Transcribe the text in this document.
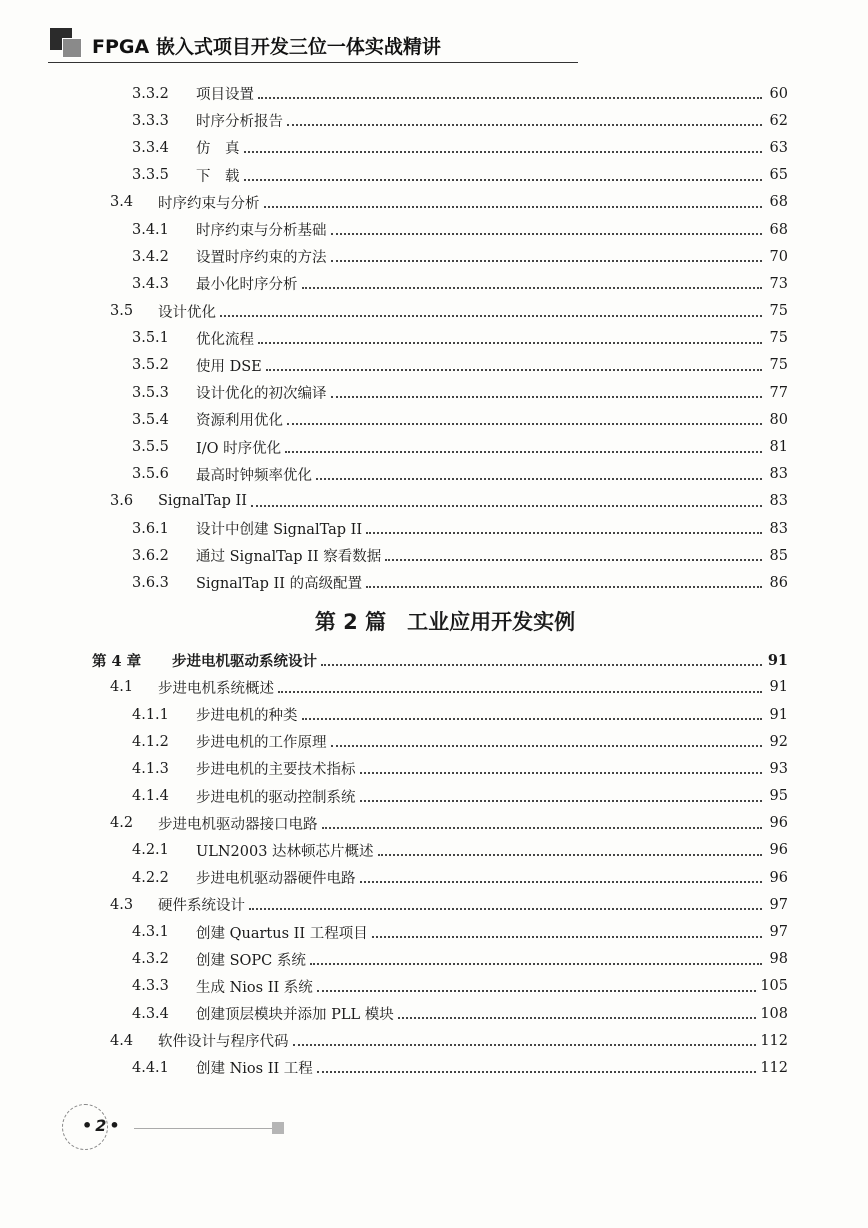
FPGA 嵌入式项目开发三位一体实战精讲
3.3.2	项目设置	60
3.3.3	时序分析报告	62
3.3.4	仿　真	63
3.3.5	下　载	65
3.4	时序约束与分析	68
3.4.1	时序约束与分析基础	68
3.4.2	设置时序约束的方法	70
3.4.3	最小化时序分析	73
3.5	设计优化	75
3.5.1	优化流程	75
3.5.2	使用 DSE	75
3.5.3	设计优化的初次编译	77
3.5.4	资源利用优化	80
3.5.5	I/O 时序优化	81
3.5.6	最高时钟频率优化	83
3.6	SignalTap II	83
3.6.1	设计中创建 SignalTap II	83
3.6.2	通过 SignalTap II 察看数据	85
3.6.3	SignalTap II 的高级配置	86
第 2 篇　工业应用开发实例
第 4 章	步进电机驱动系统设计	91
4.1	步进电机系统概述	91
4.1.1	步进电机的种类	91
4.1.2	步进电机的工作原理	92
4.1.3	步进电机的主要技术指标	93
4.1.4	步进电机的驱动控制系统	95
4.2	步进电机驱动器接口电路	96
4.2.1	ULN2003 达林顿芯片概述	96
4.2.2	步进电机驱动器硬件电路	96
4.3	硬件系统设计	97
4.3.1	创建 Quartus II 工程项目	97
4.3.2	创建 SOPC 系统	98
4.3.3	生成 Nios II 系统	105
4.3.4	创建顶层模块并添加 PLL 模块	108
4.4	软件设计与程序代码	112
4.4.1	创建 Nios II 工程	112
• 2 •
